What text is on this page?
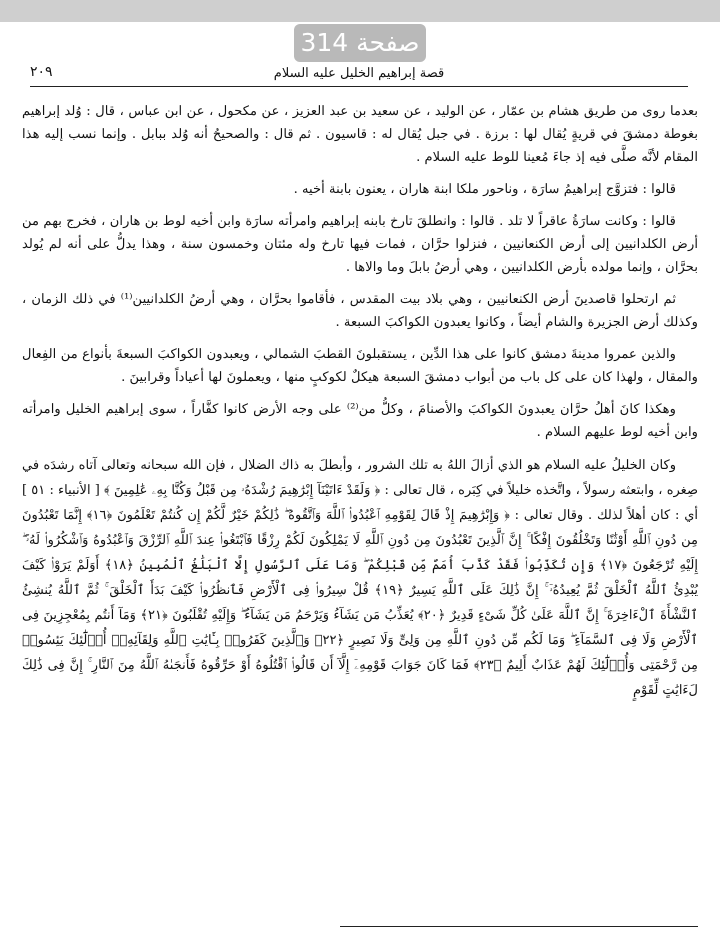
صفحة 314
قصة إبراهيم الخليل عليه السلام
٢٠٩

بعدما روى من طريق هشام بن عمّار ، عن الوليد ، عن سعيد بن عبد العزيز ، عن مكحول ، عن ابن عباس ، قال : وُلد إبراهيم بغوطة دمشقَ في قريةٍ يُقال لها : برزة . في جبل يُقال له : قاسيون . ثم قال : والصحيحُ أنه وُلد ببابل . وإنما نسب إليه هذا المقام لأنَّه صلَّى فيه إذ جاءَ مُعينا للوط عليه السلام .

قالوا : فتزوَّج إبراهيمُ سارَة ، وناحور ملكا ابنة هاران ، يعنون بابنة أخيه .

قالوا : وكانت سارَةُ عاقراً لا تلد . قالوا : وانطلقَ تارخ بابنه إبراهيم وامرأته سارَة وابن أخيه لوط بن هاران ، فخرج بهم من أرض الكلدانيين إلى أرض الكنعانيين ، فنزلوا حرَّان ، فمات فيها تارخ وله مئتان وخمسون سنة ، وهذا يدلُّ على أنه لم يُولد بحرَّان ، وإنما مولده بأرض الكلدانيين ، وهي أرضُ بابلَ وما والاها .

ثم ارتحلوا قاصدينَ أرض الكنعانيين ، وهي بلاد بيت المقدس ، فأقاموا بحرَّان ، وهي أرضُ الكلدانيين⁽¹⁾ في ذلك الزمان ، وكذلك أرض الجزيرة والشام أيضاً ، وكانوا يعبدون الكواكبَ السبعة .

والذين عمروا مدينةَ دمشق كانوا على هذا الدِّين ، يستقبلونَ القطبَ الشمالي ، ويعبدون الكواكبَ السبعةَ بأنواع من الفِعال والمقال ، ولهذا كان على كل باب من أبواب دمشقَ السبعة هيكلٌ لكوكبٍ منها ، ويعملونَ لها أعياداً وقرابينَ .

وهكذا كانَ أهلُ حرَّان يعبدونَ الكواكبَ والأصنامَ ، وكلُّ من⁽²⁾ على وجه الأرض كانوا كفَّاراً ، سوى إبراهيم الخليل وامرأته وابن أخيه لوط عليهم السلام .

وكان الخليلُ عليه السلام هو الذي أزالَ اللهُ به تلك الشرور ، وأبطلَ به ذاك الضلال ، فإن الله سبحانه وتعالى آتاه رشدَه في صِغره ، وابتعثه رسولاً ، واتَّخذه خليلاً في كِبَره ، قال تعالى : ﴿ وَلَقَدْ ءَاتَيْنَآ إِبْرَٰهِيمَ رُشْدَهُۥ مِن قَبْلُ وَكُنَّا بِهِۦ عَٰلِمِينَ ﴾ [ الأنبياء : ٥١ ] أي : كان أهلاً لذلك . وقال تعالى : ﴿ وَإِبْرَٰهِيمَ إِذْ قَالَ لِقَوْمِهِ ٱعْبُدُوا۟ ٱللَّهَ وَٱتَّقُوهُ ۖ ذَٰلِكُمْ خَيْرٌ لَّكُمْ إِن كُنتُمْ تَعْلَمُونَ ﴿١٦﴾ إِنَّمَا تَعْبُدُونَ مِن دُونِ ٱللَّهِ أَوْثَٰنًا وَتَخْلُقُونَ إِفْكًا ۚ إِنَّ ٱلَّذِينَ تَعْبُدُونَ مِن دُونِ ٱللَّهِ لَا يَمْلِكُونَ لَكُمْ رِزْقًا فَٱبْتَغُوا۟ عِندَ ٱللَّهِ ٱلرِّزْقَ وَٱعْبُدُوهُ وَٱشْكُرُوا۟ لَهُۥٓ ۖ إِلَيْهِ تُرْجَعُونَ ﴿١٧﴾ وَإِن تُكَذِّبُوا۟ فَقَدْ كَذَّبَ أُمَمٌ مِّن قَبْلِكُمْ ۖ وَمَا عَلَى ٱلرَّسُولِ إِلَّا ٱلْبَلَٰغُ ٱلْمُبِينُ ﴿١٨﴾ أَوَلَمْ يَرَوْا۟ كَيْفَ يُبْدِئُ ٱللَّهُ ٱلْخَلْقَ ثُمَّ يُعِيدُهُۥٓ ۚ إِنَّ ذَٰلِكَ عَلَى ٱللَّهِ يَسِيرٌ ﴿١٩﴾ قُلْ سِيرُوا۟ فِى ٱلْأَرْضِ فَٱنظُرُوا۟ كَيْفَ بَدَأَ ٱلْخَلْقَ ۚ ثُمَّ ٱللَّهُ يُنشِئُ ٱلنَّشْأَةَ ٱلْءَاخِرَةَ ۚ إِنَّ ٱللَّهَ عَلَىٰ كُلِّ شَىْءٍ قَدِيرٌ ﴿٢٠﴾ يُعَذِّبُ مَن يَشَآءُ وَيَرْحَمُ مَن يَشَآءُ ۖ وَإِلَيْهِ تُقْلَبُونَ ﴿٢١﴾ وَمَآ أَنتُم بِمُعْجِزِينَ فِى ٱلْأَرْضِ وَلَا فِى ٱلسَّمَآءِ ۖ وَمَا لَكُم مِّن دُونِ ٱللَّهِ مِن وَلِىٍّ وَلَا نَصِيرٍ ﴿٢٢﴾ وَٱلَّذِينَ كَفَرُوا۟ بِـَٔايَٰتِ ٱللَّهِ وَلِقَآئِهِۦٓ أُو۟لَٰٓئِكَ يَئِسُوا۟ مِن رَّحْمَتِى وَأُو۟لَٰٓئِكَ لَهُمْ عَذَابٌ أَلِيمٌ ﴿٢٣﴾ فَمَا كَانَ جَوَابَ قَوْمِهِۦٓ إِلَّآ أَن قَالُوا۟ ٱقْتُلُوهُ أَوْ حَرِّقُوهُ فَأَنجَىٰهُ ٱللَّهُ مِنَ ٱلنَّارِ ۚ إِنَّ فِى ذَٰلِكَ لَءَايَٰتٍ لِّقَوْمٍ
